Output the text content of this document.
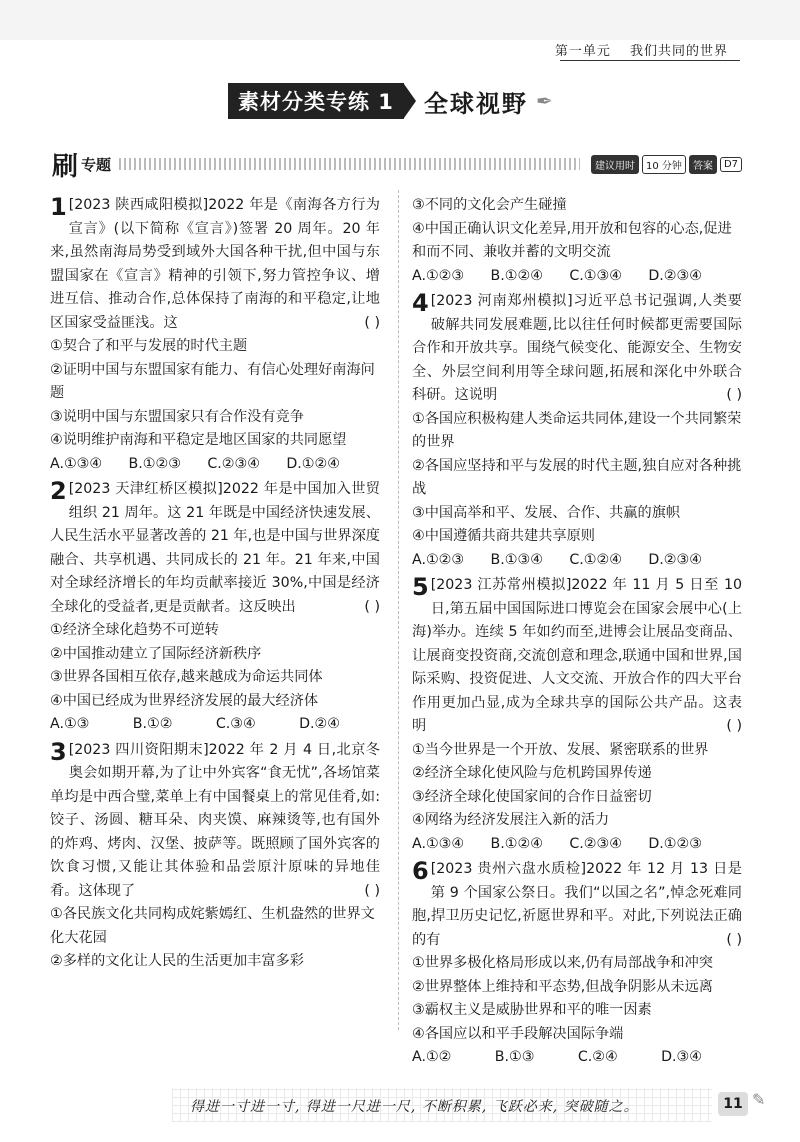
第一单元 我们共同的世界
素材分类专练 1	全球视野 ✒
刷 专题	建议用时	10 分钟	答案	D7
1 [2023 陕西咸阳模拟]2022 年是《南海各方行为宣言》(以下简称《宣言》)签署 20 周年。20 年来,虽然南海局势受到域外大国各种干扰,但中国与东盟国家在《宣言》精神的引领下,努力管控争议、增进互信、推动合作,总体保持了南海的和平稳定,让地区国家受益匪浅。这	( )
①契合了和平与发展的时代主题
②证明中国与东盟国家有能力、有信心处理好南海问题
③说明中国与东盟国家只有合作没有竞争
④说明维护南海和平稳定是地区国家的共同愿望
A.①③④ B.①②③ C.②③④ D.①②④
2 [2023 天津红桥区模拟]2022 年是中国加入世贸组织 21 周年。这 21 年既是中国经济快速发展、人民生活水平显著改善的 21 年,也是中国与世界深度融合、共享机遇、共同成长的 21 年。21 年来,中国对全球经济增长的年均贡献率接近 30%,中国是经济全球化的受益者,更是贡献者。这反映出	( )
①经济全球化趋势不可逆转
②中国推动建立了国际经济新秩序
③世界各国相互依存,越来越成为命运共同体
④中国已经成为世界经济发展的最大经济体
A.①③	B.①②	C.③④	D.②④
3 [2023 四川资阳期末]2022 年 2 月 4 日,北京冬奥会如期开幕,为了让中外宾客“食无忧”,各场馆菜单均是中西合璧,菜单上有中国餐桌上的常见佳肴,如:饺子、汤圆、糖耳朵、肉夹馍、麻辣烫等,也有国外的炸鸡、烤肉、汉堡、披萨等。既照顾了国外宾客的饮食习惯,又能让其体验和品尝原汁原味的异地佳肴。这体现了	( )
①各民族文化共同构成姹紫嫣红、生机盎然的世界文化大花园
②多样的文化让人民的生活更加丰富多彩
③不同的文化会产生碰撞
④中国正确认识文化差异,用开放和包容的心态,促进和而不同、兼收并蓄的文明交流
A.①②③ B.①②④ C.①③④ D.②③④
4 [2023 河南郑州模拟]习近平总书记强调,人类要破解共同发展难题,比以往任何时候都更需要国际合作和开放共享。围绕气候变化、能源安全、生物安全、外层空间利用等全球问题,拓展和深化中外联合科研。这说明	( )
①各国应积极构建人类命运共同体,建设一个共同繁荣的世界
②各国应坚持和平与发展的时代主题,独自应对各种挑战
③中国高举和平、发展、合作、共赢的旗帜
④中国遵循共商共建共享原则
A.①②③ B.①③④ C.①②④ D.②③④
5 [2023 江苏常州模拟]2022 年 11 月 5 日至 10 日,第五届中国国际进口博览会在国家会展中心(上海)举办。连续 5 年如约而至,进博会让展品变商品、让展商变投资商,交流创意和理念,联通中国和世界,国际采购、投资促进、人文交流、开放合作的四大平台作用更加凸显,成为全球共享的国际公共产品。这表明	( )
①当今世界是一个开放、发展、紧密联系的世界
②经济全球化使风险与危机跨国界传递
③经济全球化使国家间的合作日益密切
④网络为经济发展注入新的活力
A.①③④ B.①②④ C.②③④ D.①②③
6 [2023 贵州六盘水质检]2022 年 12 月 13 日是第 9 个国家公祭日。我们“以国之名”,悼念死难同胞,捍卫历史记忆,祈愿世界和平。对此,下列说法正确的有	( )
①世界多极化格局形成以来,仍有局部战争和冲突
②世界整体上维持和平态势,但战争阴影从未远离
③霸权主义是威胁世界和平的唯一因素
④各国应以和平手段解决国际争端
A.①②	B.①③	C.②④	D.③④
得进一寸进一寸, 得进一尺进一尺, 不断积累, 飞跃必来, 突破随之。	11 ✎
